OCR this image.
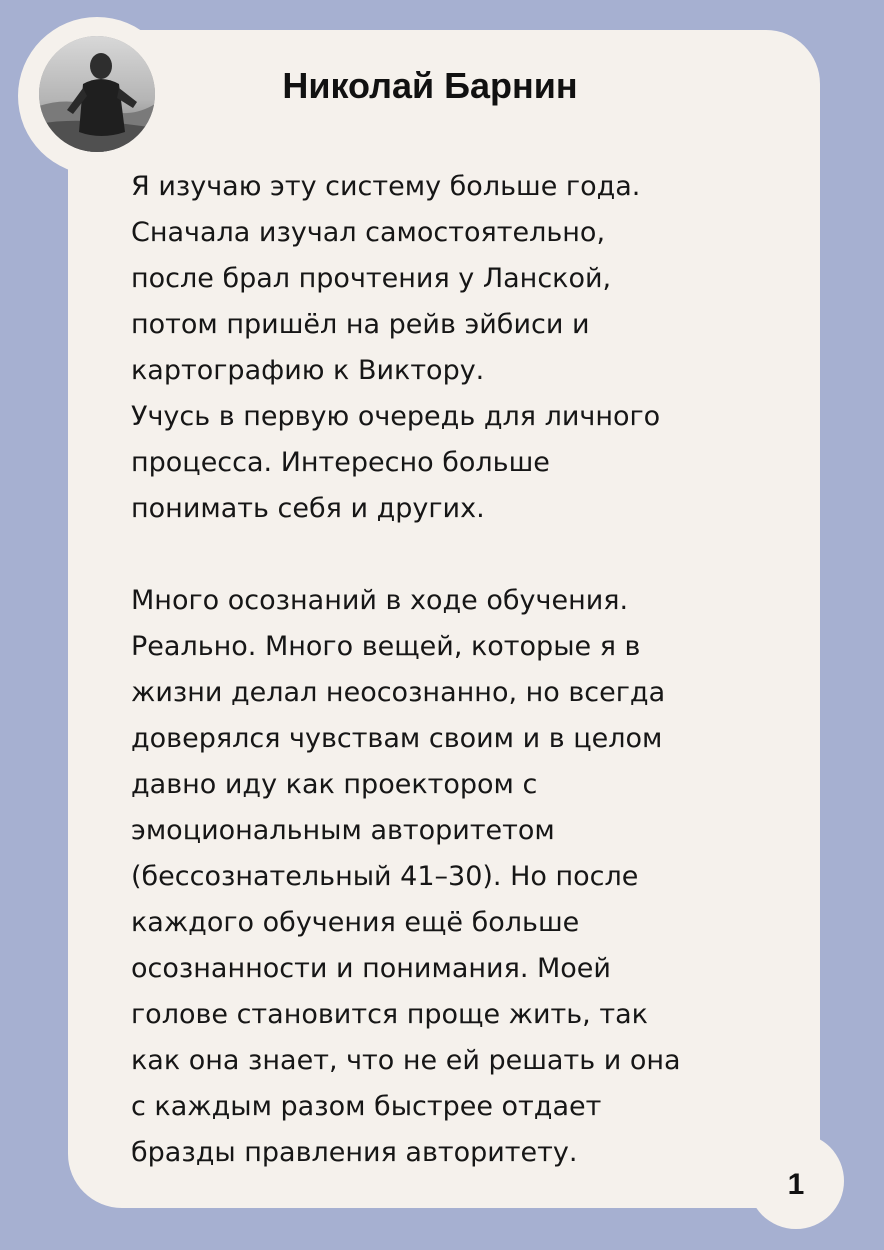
Николай Барнин
Я изучаю эту систему больше года.
Сначала изучал самостоятельно,
после брал прочтения у Ланской,
потом пришёл на рейв эйбиси и
картографию к Виктору.
Учусь в первую очередь для личного
процесса. Интересно больше
понимать себя и других.

Много осознаний в ходе обучения.
Реально. Много вещей, которые я в
жизни делал неосознанно, но всегда
доверялся чувствам своим и в целом
давно иду как проектором с
эмоциональным авторитетом
(бессознательный 41–30). Но после
каждого обучения ещё больше
осознанности и понимания. Моей
голове становится проще жить, так
как она знает, что не ей решать и она
с каждым разом быстрее отдает
бразды правления авторитету.
1
